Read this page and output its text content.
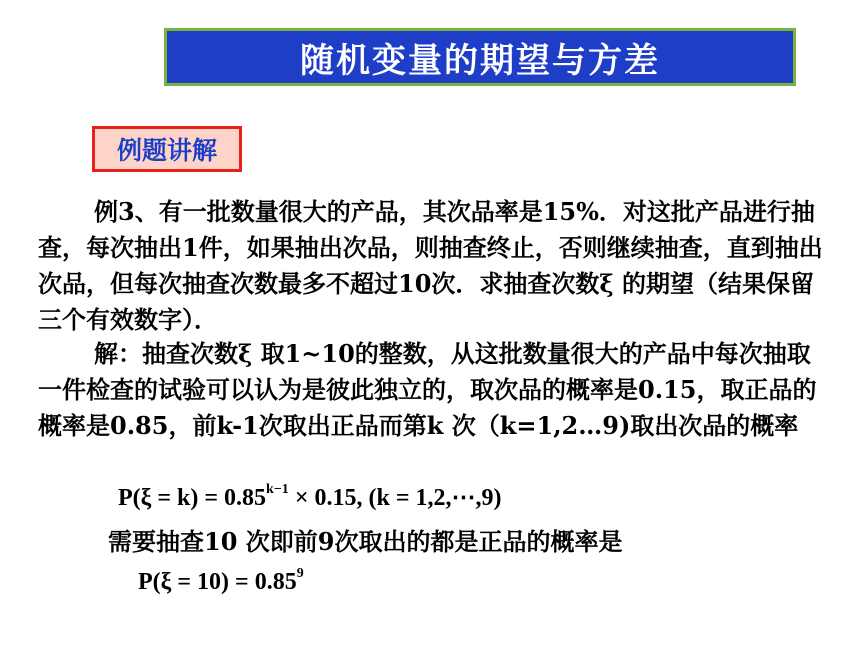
随机变量的期望与方差
例题讲解

例3、有一批数量很大的产品，其次品率是15%．对这批产品进行抽查，每次抽出1件，如果抽出次品，则抽查终止，否则继续抽查，直到抽出次品，但每次抽查次数最多不超过10次．求抽查次数ξ 的期望（结果保留三个有效数字）．

解：抽查次数ξ 取1~10的整数，从这批数量很大的产品中每次抽取一件检查的试验可以认为是彼此独立的，取次品的概率是0.15，取正品的概率是0.85，前k-1次取出正品而第k 次（k=1,2…9)取出次品的概率

$P(\xi = k) = 0.85^{k-1} \times 0.15$, (k = 1,2,⋯,9)
需要抽查10 次即前9次取出的都是正品的概率是
$P(\xi = 10) = 0.85^9$
